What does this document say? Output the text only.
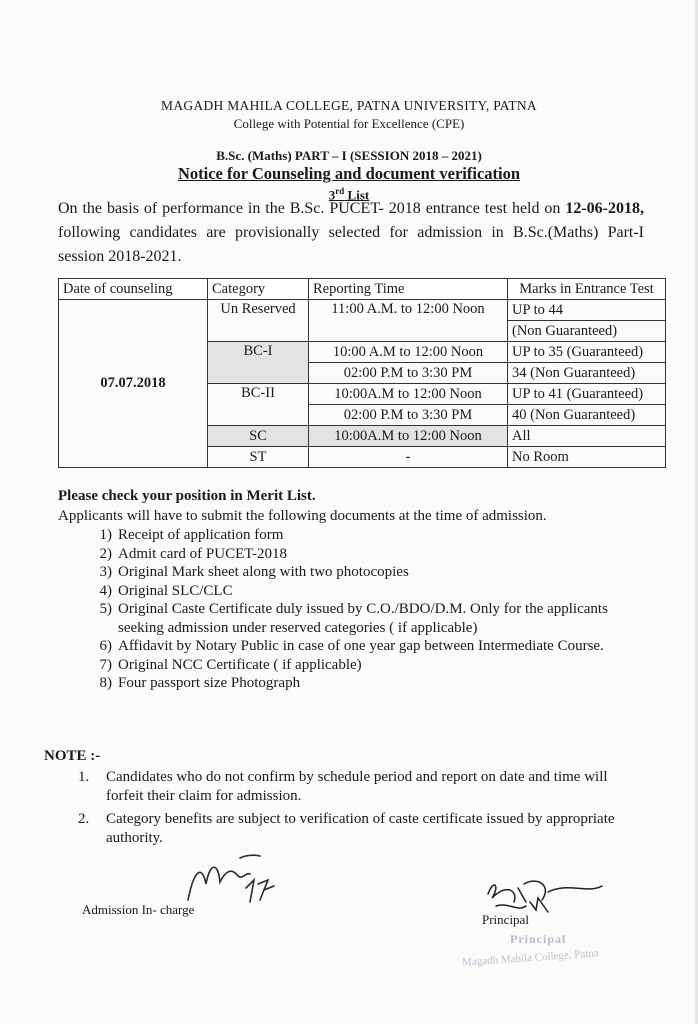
MAGADH MAHILA COLLEGE, PATNA UNIVERSITY, PATNA
College with Potential for Excellence (CPE)
B.Sc. (Maths) PART – I (SESSION 2018 – 2021)
Notice for Counseling and document verification
3rd List

On the basis of performance in the B.Sc. PUCET- 2018 entrance test held on 12-06-2018, following candidates are provisionally selected for admission in B.Sc.(Maths) Part-I session 2018-2021.

Date of counseling	Category	Reporting Time	Marks in Entrance Test
07.07.2018	Un Reserved	11:00 A.M. to 12:00 Noon	UP to 44
			(Non Guaranteed)
	BC-I	10:00 A.M to 12:00 Noon	UP to 35 (Guaranteed)
		02:00 P.M to 3:30 PM	34 (Non Guaranteed)
	BC-II	10:00A.M to 12:00 Noon	UP to 41 (Guaranteed)
		02:00 P.M to 3:30 PM	40 (Non Guaranteed)
	SC	10:00A.M to 12:00 Noon	All
	ST	-	No Room
Please check your position in Merit List.
Applicants will have to submit the following documents at the time of admission.
1) Receipt of application form
2) Admit card of PUCET-2018
3) Original Mark sheet along with two photocopies
4) Original SLC/CLC
5) Original Caste Certificate duly issued by C.O./BDO/D.M. Only for the applicants seeking admission under reserved categories ( if applicable)
6) Affidavit by Notary Public in case of one year gap between Intermediate Course.
7) Original NCC Certificate ( if applicable)
8) Four passport size Photograph
NOTE :-
1.	Candidates who do not confirm by schedule period and report on date and time will forfeit their claim for admission.
2.	Category benefits are subject to verification of caste certificate issued by appropriate authority.
Admission In- charge
Principal
Principal
Magadh Mahila College, Patna
